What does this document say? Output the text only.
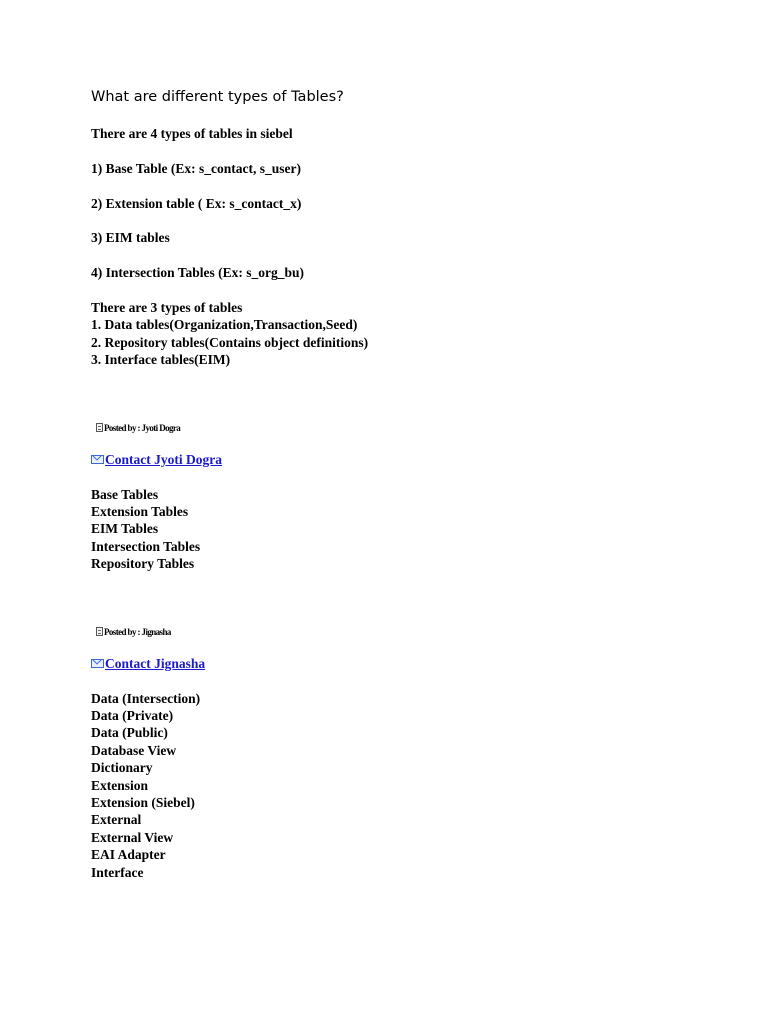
What are different types of Tables?

There are 4 types of tables in siebel

1) Base Table (Ex: s_contact, s_user)

2) Extension table ( Ex: s_contact_x)

3) EIM tables

4) Intersection Tables (Ex: s_org_bu)

There are 3 types of tables

1. Data tables(Organization,Transaction,Seed)

2. Repository tables(Contains object definitions)

3. Interface tables(EIM)

Posted by : Jyoti Dogra
Contact Jyoti Dogra
Base Tables
Extension Tables
EIM Tables
Intersection Tables
Repository Tables
Posted by : Jignasha
Contact Jignasha
Data (Intersection)
Data (Private)
Data (Public)
Database View
Dictionary
Extension
Extension (Siebel)
External
External View
EAI Adapter
Interface
